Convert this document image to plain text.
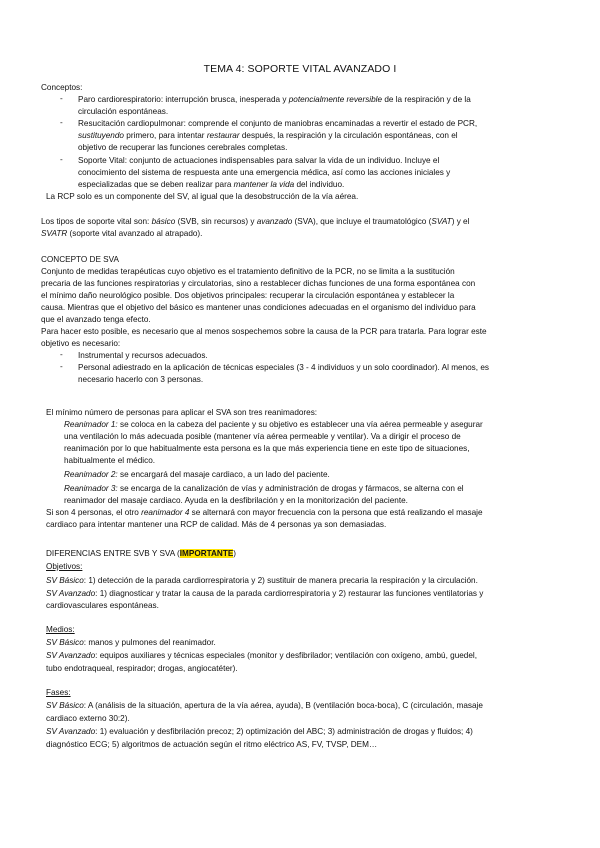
TEMA 4: SOPORTE VITAL AVANZADO I
Conceptos:
- Paro cardiorespiratorio: interrupción brusca, inesperada y potencialmente reversible de la respiración y de la
circulación espontáneas.
- Resucitación cardiopulmonar: comprende el conjunto de maniobras encaminadas a revertir el estado de PCR,
sustituyendo primero, para intentar restaurar después, la respiración y la circulación espontáneas, con el
objetivo de recuperar las funciones cerebrales completas.
- Soporte Vital: conjunto de actuaciones indispensables para salvar la vida de un individuo. Incluye el
conocimiento del sistema de respuesta ante una emergencia médica, así como las acciones iniciales y
especializadas que se deben realizar para mantener la vida del individuo.
La RCP solo es un componente del SV, al igual que la desobstrucción de la vía aérea.
Los tipos de soporte vital son: básico (SVB, sin recursos) y avanzado (SVA), que incluye el traumatológico (SVAT) y el
SVATR (soporte vital avanzado al atrapado).
CONCEPTO DE SVA
Conjunto de medidas terapéuticas cuyo objetivo es el tratamiento definitivo de la PCR, no se limita a la sustitución
precaria de las funciones respiratorias y circulatorias, sino a restablecer dichas funciones de una forma espontánea con
el mínimo daño neurológico posible. Dos objetivos principales: recuperar la circulación espontánea y establecer la
causa. Mientras que el objetivo del básico es mantener unas condiciones adecuadas en el organismo del individuo para
que el avanzado tenga efecto.
Para hacer esto posible, es necesario que al menos sospechemos sobre la causa de la PCR para tratarla. Para lograr este
objetivo es necesario:
- Instrumental y recursos adecuados.
- Personal adiestrado en la aplicación de técnicas especiales (3 - 4 individuos y un solo coordinador). Al menos, es
necesario hacerlo con 3 personas.
El mínimo número de personas para aplicar el SVA son tres reanimadores:
Reanimador 1: se coloca en la cabeza del paciente y su objetivo es establecer una vía aérea permeable y asegurar
una ventilación lo más adecuada posible (mantener vía aérea permeable y ventilar). Va a dirigir el proceso de
reanimación por lo que habitualmente esta persona es la que más experiencia tiene en este tipo de situaciones,
habitualmente el médico.
Reanimador 2: se encargará del masaje cardiaco, a un lado del paciente.
Reanimador 3: se encarga de la canalización de vías y administración de drogas y fármacos, se alterna con el
reanimador del masaje cardiaco. Ayuda en la desfibrilación y en la monitorización del paciente.
Si son 4 personas, el otro reanimador 4 se alternará con mayor frecuencia con la persona que está realizando el masaje
cardiaco para intentar mantener una RCP de calidad. Más de 4 personas ya son demasiadas.
DIFERENCIAS ENTRE SVB Y SVA (IMPORTANTE)
Objetivos:
SV Básico: 1) detección de la parada cardiorrespiratoria y 2) sustituir de manera precaria la respiración y la circulación.
SV Avanzado: 1) diagnosticar y tratar la causa de la parada cardiorrespiratoria y 2) restaurar las funciones ventilatorias y
cardiovasculares espontáneas.
Medios:
SV Básico: manos y pulmones del reanimador.
SV Avanzado: equipos auxiliares y técnicas especiales (monitor y desfibrilador; ventilación con oxígeno, ambú, guedel,
tubo endotraqueal, respirador; drogas, angiocatéter).
Fases:
SV Básico: A (análisis de la situación, apertura de la vía aérea, ayuda), B (ventilación boca-boca), C (circulación, masaje
cardiaco externo 30:2).
SV Avanzado: 1) evaluación y desfibrilación precoz; 2) optimización del ABC; 3) administración de drogas y fluidos; 4)
diagnóstico ECG; 5) algoritmos de actuación según el ritmo eléctrico AS, FV, TVSP, DEM…
